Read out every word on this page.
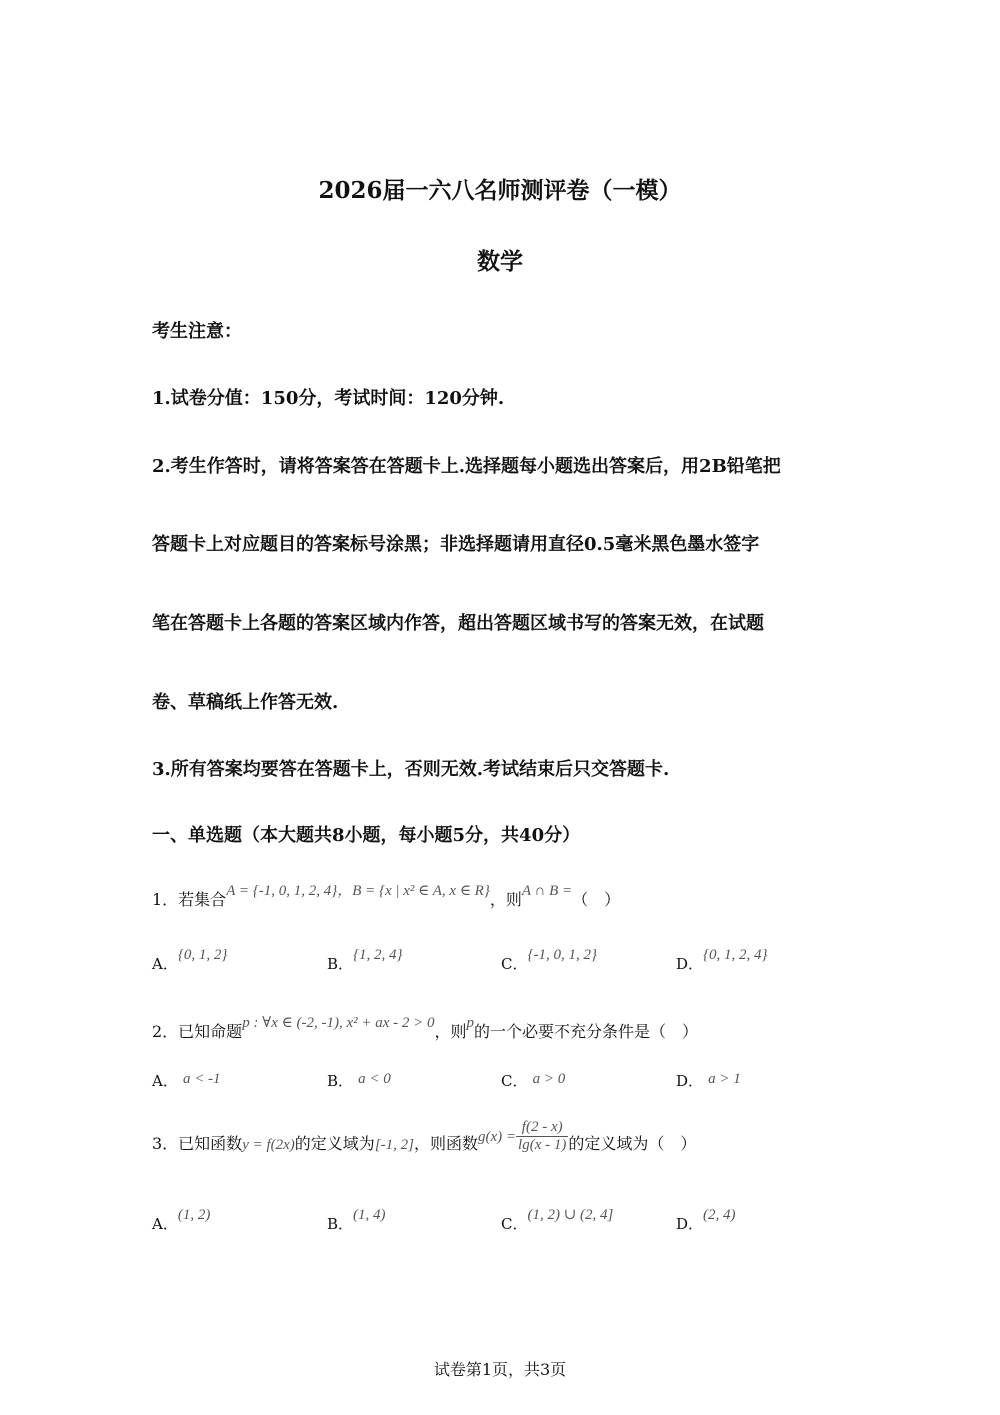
2026届一六八名师测评卷（一模）
数学
考生注意：
1.试卷分值：150分，考试时间：120分钟.
2.考生作答时，请将答案答在答题卡上.选择题每小题选出答案后，用2B铅笔把
答题卡上对应题目的答案标号涂黑；非选择题请用直径0.5毫米黑色墨水签字
笔在答题卡上各题的答案区域内作答，超出答题区域书写的答案无效，在试题
卷、草稿纸上作答无效.
3.所有答案均要答在答题卡上，否则无效.考试结束后只交答题卡.
一、单选题（本大题共8小题，每小题5分，共40分）
1．若集合A = {-1, 0, 1, 2, 4}，B = {x | x² ∈ A, x ∈ R}，则A ∩ B =（　）
A．{0, 1, 2}	B．{1, 2, 4}	C．{-1, 0, 1, 2}	D．{0, 1, 2, 4}
2．已知命题p : ∀x ∈ (-2, -1), x² + ax - 2 > 0，则p的一个必要不充分条件是（　）
A． a < -1	B． a < 0	C． a > 0	D． a > 1
3．已知函数y = f(2x)的定义域为[-1, 2]，则函数$g(x) = \frac{f(2 - x)}{\lg(x - 1)}$ 的定义域为（　）
A．(1, 2)	B．(1, 4)	C．(1, 2) ∪ (2, 4]	D．(2, 4)
试卷第1页，共3页
